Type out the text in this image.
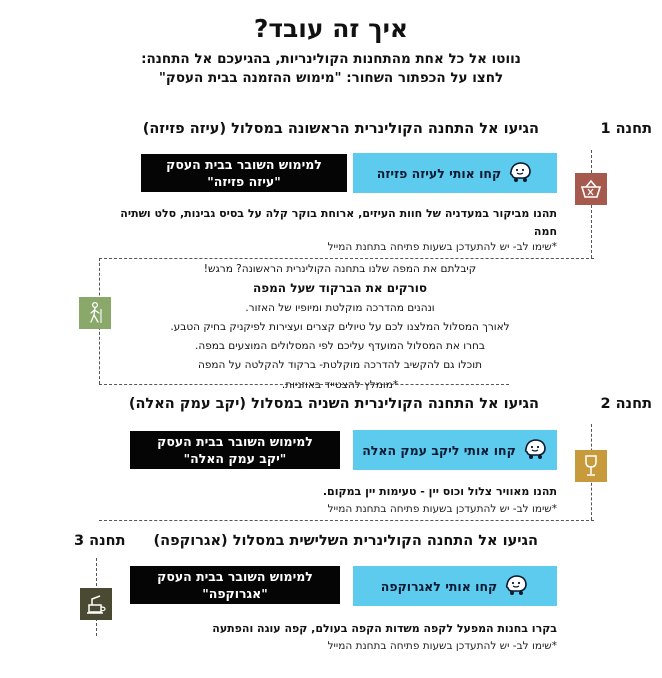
איך זה עובד?
נווטו אל כל אחת מהתחנות הקולינריות, בהגיעכם אל התחנה:
לחצו על הכפתור השחור: "מימוש ההזמנה בבית העסק"
תחנה 1
הגיעו אל התחנה הקולינרית הראשונה במסלול (עיזה פזיזה)
למימוש השובר בבית העסק
"עיזה פזיזה"
קחו אותי לעיזה פזיזה
תהנו מביקור במעדניה של חוות העיזים, ארוחת בוקר קלה על בסיס גבינות, סלט ושתיה חמה
*שימו לב- יש להתעדכן בשעות פתיחה בתחנת המייל
קיבלתם את המפה שלנו בתחנה הקולינרית הראשונה? מרגש!
סורקים את הברקוד שעל המפה
ונהנים מהדרכה מוקלטת ומיופיו של האזור.
לאורך המסלול המלצנו לכם על טיולים קצרים ועצירות לפיקניק בחיק הטבע.
בחרו את המסלול המועדף עליכם לפי המסלולים המוצעים במפה.
תוכלו גם להקשיב להדרכה מוקלטת- ברקוד להקלטה על המפה
*מומלץ להצטייד באוזניות.
תחנה 2
הגיעו אל התחנה הקולינרית השניה במסלול (יקב עמק האלה)
למימוש השובר בבית העסק
"יקב עמק האלה"
קחו אותי ליקב עמק האלה
תהנו מאוויר צלול וכוס יין - טעימות יין במקום.
*שימו לב- יש להתעדכן בשעות פתיחה בתחנת המייל
תחנה 3 הגיעו אל התחנה הקולינרית השלישית במסלול (אגרוקפה)
למימוש השובר בבית העסק
"אגרוקפה"	קחו אותי לאגרוקפה
בקרו בחנות המפעל לקפה משדות הקפה בעולם, קפה עוגה והפתעה
*שימו לב- יש להתעדכן בשעות פתיחה בתחנת המייל
